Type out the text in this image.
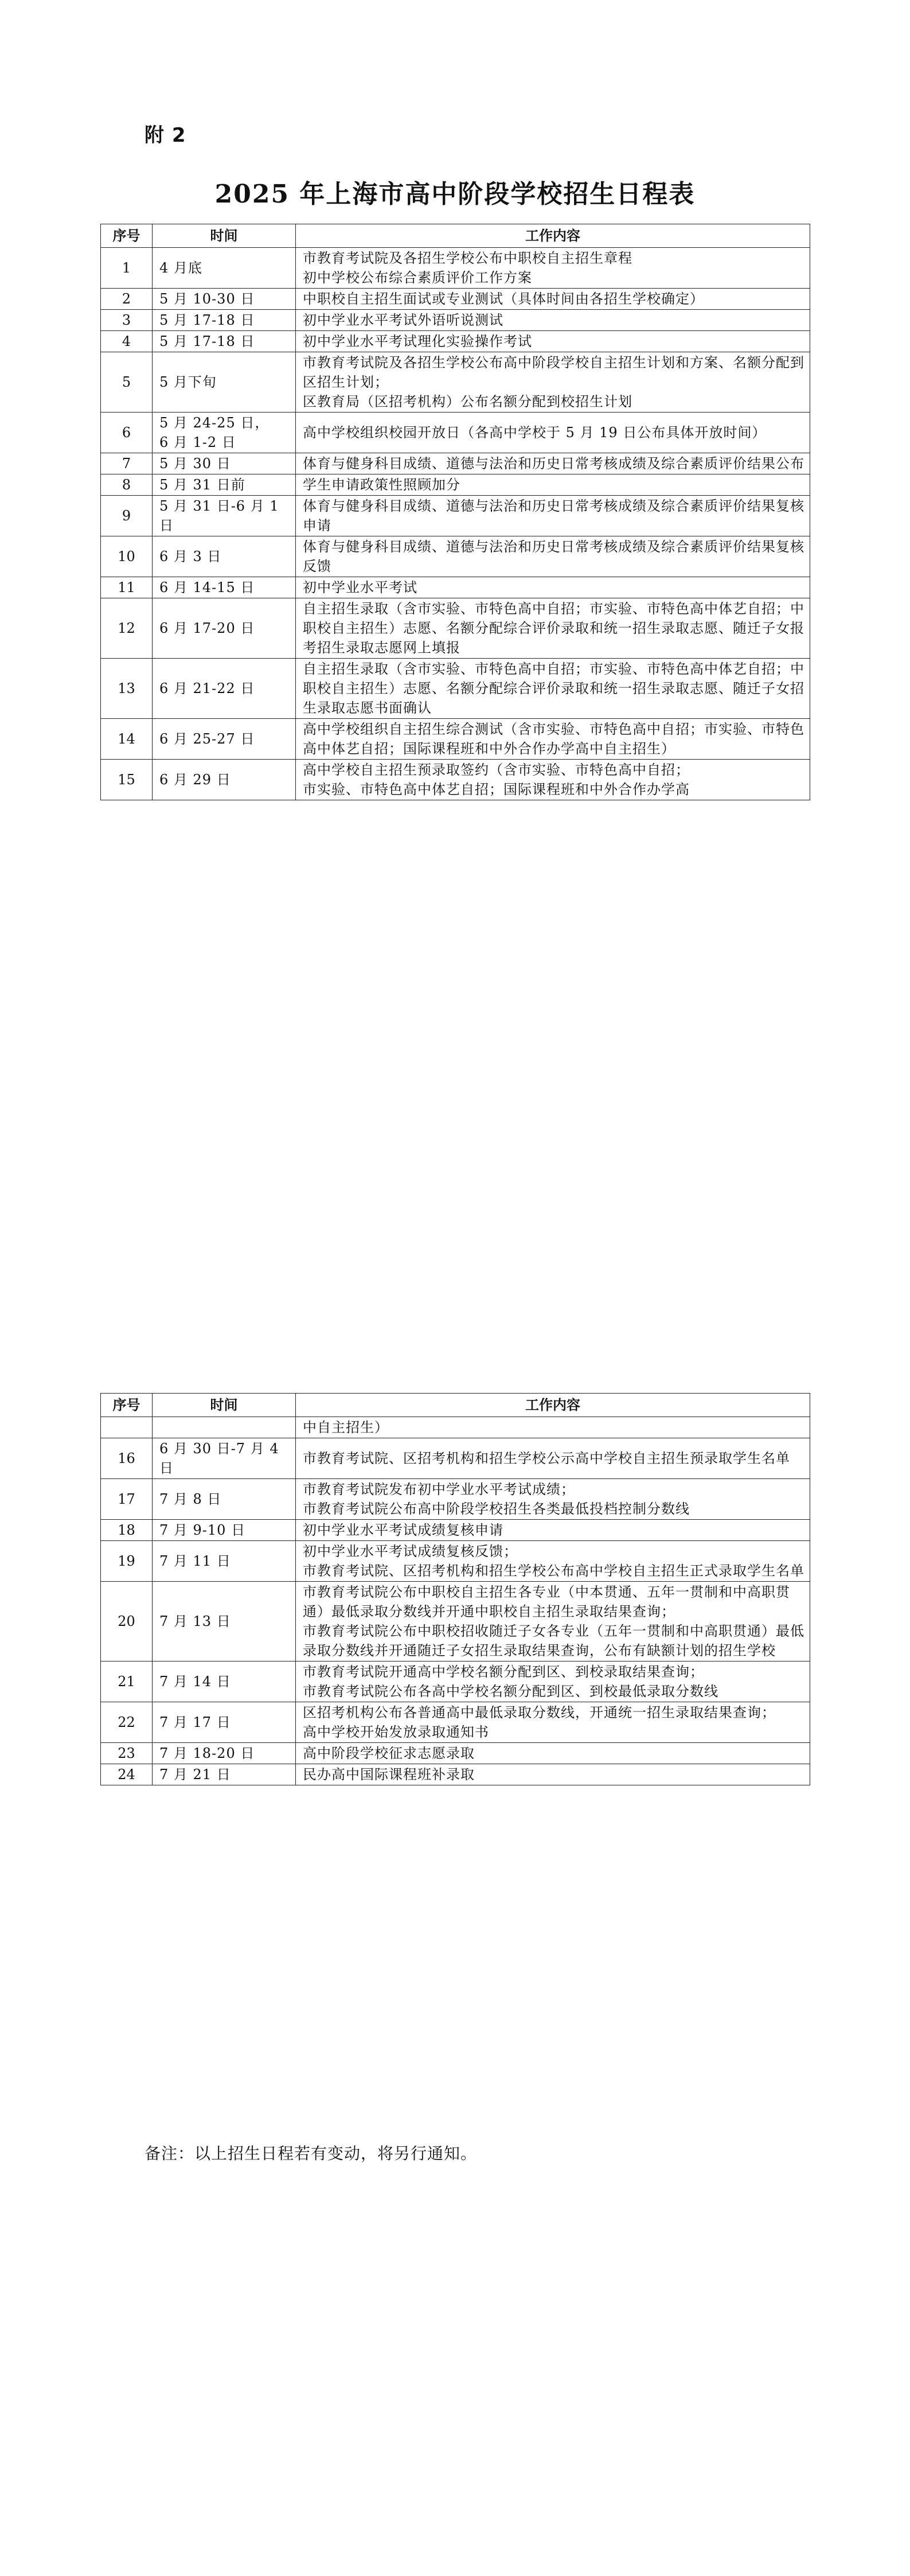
附 2
2025 年上海市高中阶段学校招生日程表
序号	时间	工作内容
1	4 月底	市教育考试院及各招生学校公布中职校自主招生章程
初中学校公布综合素质评价工作方案
2	5 月 10-30 日	中职校自主招生面试或专业测试（具体时间由各招生学校确定）
3	5 月 17-18 日	初中学业水平考试外语听说测试
4	5 月 17-18 日	初中学业水平考试理化实验操作考试
5	5 月下旬	市教育考试院及各招生学校公布高中阶段学校自主招生计划和方案、名额分配到区招生计划；
区教育局（区招考机构）公布名额分配到校招生计划
6	5 月 24-25 日，
6 月 1-2 日	高中学校组织校园开放日（各高中学校于 5 月 19 日公布具体开放时间）
7	5 月 30 日	体育与健身科目成绩、道德与法治和历史日常考核成绩及综合素质评价结果公布
8	5 月 31 日前	学生申请政策性照顾加分
9	5 月 31 日-6 月 1
日	体育与健身科目成绩、道德与法治和历史日常考核成绩及综合素质评价结果复核申请
10	6 月 3 日	体育与健身科目成绩、道德与法治和历史日常考核成绩及综合素质评价结果复核反馈
11	6 月 14-15 日	初中学业水平考试
12	6 月 17-20 日	自主招生录取（含市实验、市特色高中自招；市实验、市特色高中体艺自招；中职校自主招生）志愿、名额分配综合评价录取和统一招生录取志愿、随迁子女报考招生录取志愿网上填报
13	6 月 21-22 日	自主招生录取（含市实验、市特色高中自招；市实验、市特色高中体艺自招；中职校自主招生）志愿、名额分配综合评价录取和统一招生录取志愿、随迁子女招生录取志愿书面确认
14	6 月 25-27 日	高中学校组织自主招生综合测试（含市实验、市特色高中自招；市实验、市特色高中体艺自招；国际课程班和中外合作办学高中自主招生）
15	6 月 29 日	高中学校自主招生预录取签约（含市实验、市特色高中自招；
市实验、市特色高中体艺自招；国际课程班和中外合作办学高
序号	时间	工作内容
		中自主招生）
16	6 月 30 日-7 月 4
日	市教育考试院、区招考机构和招生学校公示高中学校自主招生预录取学生名单
17	7 月 8 日	市教育考试院发布初中学业水平考试成绩；
市教育考试院公布高中阶段学校招生各类最低投档控制分数线
18	7 月 9-10 日	初中学业水平考试成绩复核申请
19	7 月 11 日	初中学业水平考试成绩复核反馈；
市教育考试院、区招考机构和招生学校公布高中学校自主招生正式录取学生名单
20	7 月 13 日	市教育考试院公布中职校自主招生各专业（中本贯通、五年一贯制和中高职贯通）最低录取分数线并开通中职校自主招生录取结果查询；
市教育考试院公布中职校招收随迁子女各专业（五年一贯制和中高职贯通）最低录取分数线并开通随迁子女招生录取结果查询，公布有缺额计划的招生学校
21	7 月 14 日	市教育考试院开通高中学校名额分配到区、到校录取结果查询；
市教育考试院公布各高中学校名额分配到区、到校最低录取分数线
22	7 月 17 日	区招考机构公布各普通高中最低录取分数线，开通统一招生录取结果查询；
高中学校开始发放录取通知书
23	7 月 18-20 日	高中阶段学校征求志愿录取
24	7 月 21 日	民办高中国际课程班补录取
备注：以上招生日程若有变动，将另行通知。
